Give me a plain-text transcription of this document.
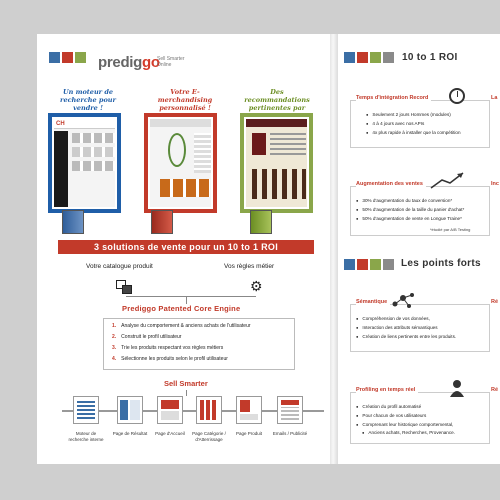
prediggo
Sell Smarter Online
Un moteur de recherche pour vendre !
Votre E-merchandising personnalisé !
Des recommandations pertinentes par
CH
3 solutions de vente pour un 10 to 1 ROI
Votre catalogue produit	Vos règles métier
⚙
Prediggo Patented Core Engine
1. Analyse du comportement & anciens achats de l'utilisateur
2. Construit le profil utilisateur
3. Trie les produits respectant vos règles métiers
4. Sélectionne les produits selon le profil utilisateur
Sell Smarter
Moteur de recherche interne
Page de Résultat	Page d'Accueil	Page Catégorie / d'Atterrissage
Page Produit	Emails / Publicité
10 to 1 ROI
Temps d'intégration Record	La
● Seulement 2 jours Hommes (modules)
● 4 à 4 jours avec nos APIs
● 4x plus rapide à installer que la compétition
Augmentation des ventes	Inc
● 30% d'augmentation du taux de conversion*
● 50% d'augmentation de la taille du panier d'achat*
● 50% d'augmentation de vente en Longue Traine*
*étudié par A/B Testing
Les points forts
Sémantique	Ré
● Compréhension de vos données,
● Interaction des attributs sémantiques
● Création de liens pertinents entre les produits.
Profiling en temps réel	Ré
● Création du profil automatisé
● Pour chacun de vos utilisateurs
● Comprenant leur historique comportemental,
● Anciens achats, Recherches, Provenance.
